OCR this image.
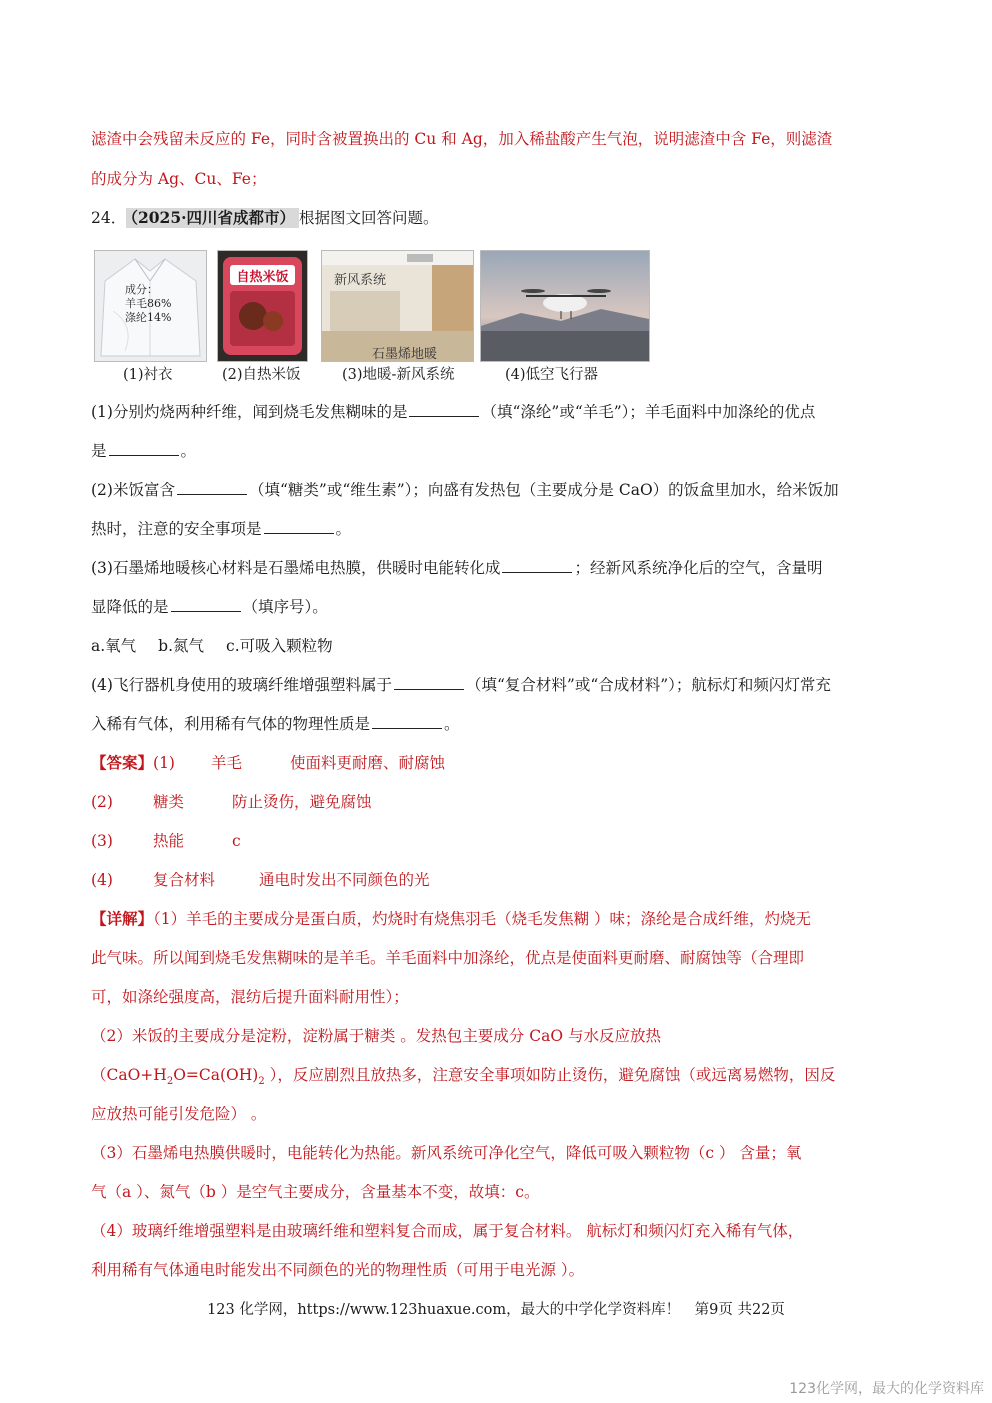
滤渣中会残留未反应的 Fe，同时含被置换出的 Cu 和 Ag，加入稀盐酸产生气泡，说明滤渣中含 Fe，则滤渣
的成分为 Ag、Cu、Fe；
24． （2025·四川省成都市） 根据图文回答问题。
成分：
羊毛86%
涤纶14%
(1)衬衣
自热米饭
(2)自热米饭
新风系统
石墨烯地暖
(3)地暖-新风系统	(4)低空飞行器
(1)分别灼烧两种纤维，闻到烧毛发焦糊味的是	（填“涤纶”或“羊毛”）；羊毛面料中加涤纶的优点
是	。
(2)米饭富含	（填“糖类”或“维生素”）；向盛有发热包（主要成分是 CaO）的饭盒里加水，给米饭加
热时，注意的安全事项是	。
(3)石墨烯地暖核心材料是石墨烯电热膜，供暖时电能转化成	；经新风系统净化后的空气，含量明
显降低的是	（填序号）。
a.氧气 b.氮气 c.可吸入颗粒物
(4)飞行器机身使用的玻璃纤维增强塑料属于	（填“复合材料”或“合成材料”）；航标灯和频闪灯常充
入稀有气体，利用稀有气体的物理性质是	。
【答案】(1) 羊毛	使面料更耐磨、耐腐蚀
(2)	糖类	防止烫伤，避免腐蚀
(3)	热能	c
(4)	复合材料	通电时发出不同颜色的光
【详解】（1）羊毛的主要成分是蛋白质，灼烧时有烧焦羽毛（烧毛发焦糊 ）味；涤纶是合成纤维，灼烧无
此气味。所以闻到烧毛发焦糊味的是羊毛。羊毛面料中加涤纶，优点是使面料更耐磨、耐腐蚀等（合理即
可，如涤纶强度高，混纺后提升面料耐用性）；
（2）米饭的主要成分是淀粉，淀粉属于糖类 。发热包主要成分 CaO 与水反应放热
（$CaO+H_2O=Ca(OH)_2$ ），反应剧烈且放热多，注意安全事项如防止烫伤，避免腐蚀（或远离易燃物，因反
应放热可能引发危险） 。
（3）石墨烯电热膜供暖时，电能转化为热能。新风系统可净化空气，降低可吸入颗粒物（c ） 含量；氧
气（a ）、氮气（b ）是空气主要成分，含量基本不变，故填：c。
（4）玻璃纤维增强塑料是由玻璃纤维和塑料复合而成，属于复合材料。 航标灯和频闪灯充入稀有气体，
利用稀有气体通电时能发出不同颜色的光的物理性质（可用于电光源 ）。
123 化学网，https://www.123huaxue.com，最大的中学化学资料库！　第9页 共22页
123化学网，最大的化学资料库
